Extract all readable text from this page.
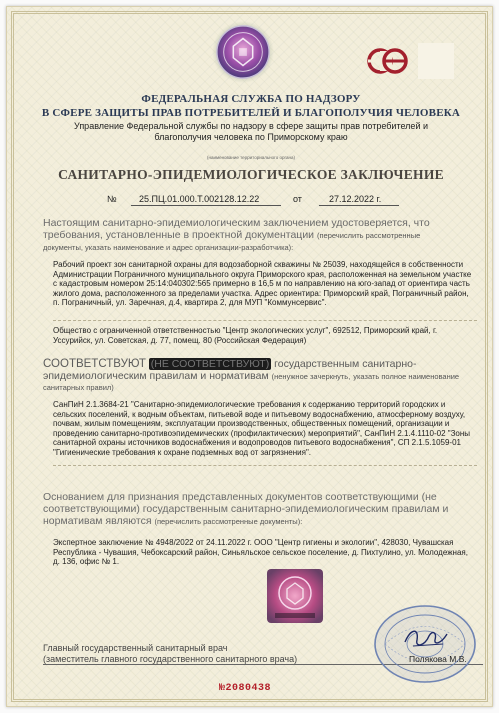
ФЕДЕРАЛЬНАЯ СЛУЖБА ПО НАДЗОРУ
В СФЕРЕ ЗАЩИТЫ ПРАВ ПОТРЕБИТЕЛЕЙ И БЛАГОПОЛУЧИЯ ЧЕЛОВЕКА
Управление Федеральной службы по надзору в сфере защиты прав потребителей и благополучия человека по Приморскому краю
(наименование территориального органа)
САНИТАРНО-ЭПИДЕМИОЛОГИЧЕСКОЕ ЗАКЛЮЧЕНИЕ
№ 25.ПЦ.01.000.Т.002128.12.22	от	27.12.2022 г.
Настоящим санитарно-эпидемиологическим заключением удостоверяется, что требования, установленные в проектной документации (перечислить рассмотренные
документы, указать наименование и адрес организации-разработчика):
Рабочий проект зон санитарной охраны для водозаборной скважины № 25039, находящейся в собственности Администрации Пограничного муниципального округа Приморского края, расположенная на земельном участке с кадастровым номером 25:14:040302:565 примерно в 16,5 м по направлению на юго-запад от ориентира часть жилого дома, расположенного за пределами участка. Адрес ориентира: Приморский край, Пограничный район, п. Пограничный, ул. Заречная, д.4, квартира 2, для МУП "Коммунсервис".
Общество с ограниченной ответственностью "Центр экологических услуг", 692512, Приморский край, г. Уссурийск, ул. Советская, д. 77, помещ. 80 (Российская Федерация)
СООТВЕТСТВУЮТ (НЕ СООТВЕТСТВУЮТ) государственным санитарно-эпидемиологическим правилам и нормативам (ненужное зачеркнуть, указать полное наименование санитарных правил)
СанПиН 2.1.3684-21 "Санитарно-эпидемиологические требования к содержанию территорий городских и сельских поселений, к водным объектам, питьевой воде и питьевому водоснабжению, атмосферному воздуху, почвам, жилым помещениям, эксплуатации производственных, общественных помещений, организации и проведению санитарно-противоэпидемических (профилактических) мероприятий", СанПиН 2.1.4.1110-02 "Зоны санитарной охраны источников водоснабжения и водопроводов питьевого водоснабжения", СП 2.1.5.1059-01 "Гигиенические требования к охране подземных вод от загрязнения".
Основанием для признания представленных документов соответствующими (не соответствующими) государственным санитарно-эпидемиологическим правилам и нормативам являются (перечислить рассмотренные документы):
Экспертное заключение № 4948/2022 от 24.11.2022 г. ООО "Центр гигиены и экологии", 428030, Чувашская Республика - Чувашия, Чебоксарский район, Синьяльское сельское поселение, д. Пихтулино, ул. Молодежная, д. 136, офис № 1.
Главный государственный санитарный врач
(заместитель главного государственного санитарного врача)	Полякова М.В.
№2080438
